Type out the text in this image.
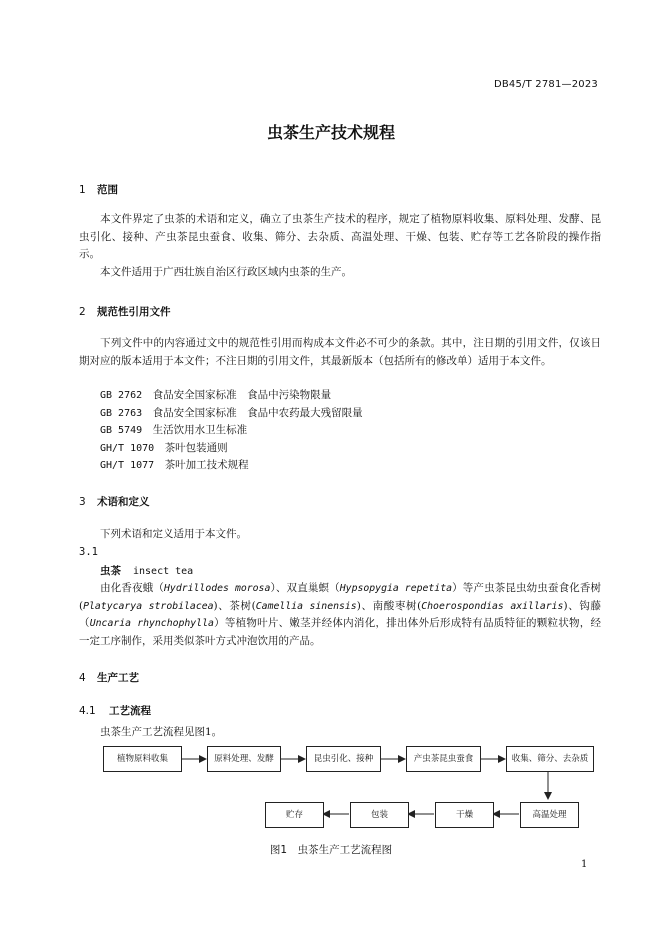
DB45/T 2781—2023
虫茶生产技术规程
1 范围
本文件界定了虫茶的术语和定义，确立了虫茶生产技术的程序，规定了植物原料收集、原料处理、发酵、昆虫引化、接种、产虫茶昆虫蚕食、收集、筛分、去杂质、高温处理、干燥、包装、贮存等工艺各阶段的操作指示。
本文件适用于广西壮族自治区行政区域内虫茶的生产。
2 规范性引用文件
下列文件中的内容通过文中的规范性引用而构成本文件必不可少的条款。其中，注日期的引用文件，仅该日期对应的版本适用于本文件；不注日期的引用文件，其最新版本（包括所有的修改单）适用于本文件。
GB 2762　 食品安全国家标准　食品中污染物限量
GB 2763　 食品安全国家标准　食品中农药最大残留限量
GB 5749　 生活饮用水卫生标准
GH/T 1070　 茶叶包装通则
GH/T 1077　 茶叶加工技术规程
3 术语和定义
下列术语和定义适用于本文件。
3.1
虫茶 insect tea
由化香夜蛾（Hydrillodes morosa）、双直巢螟（Hypsopygia repetita）等产虫茶昆虫幼虫蚕食化香树(Platycarya strobilacea)、茶树(Camellia sinensis)、南酸枣树(Choerospondias axillaris)、钩藤（Uncaria rhynchophylla）等植物叶片、嫩茎并经体内消化，排出体外后形成特有品质特征的颗粒状物，经一定工序制作，采用类似茶叶方式冲泡饮用的产品。
4 生产工艺
4.1 工艺流程
虫茶生产工艺流程见图1。
植物原料收集	原料处理、发酵	昆虫引化、接种	产虫茶昆虫蚕食	收集、筛分、去杂质
高温处理
干燥
包装
贮存
图1　虫茶生产工艺流程图
1
